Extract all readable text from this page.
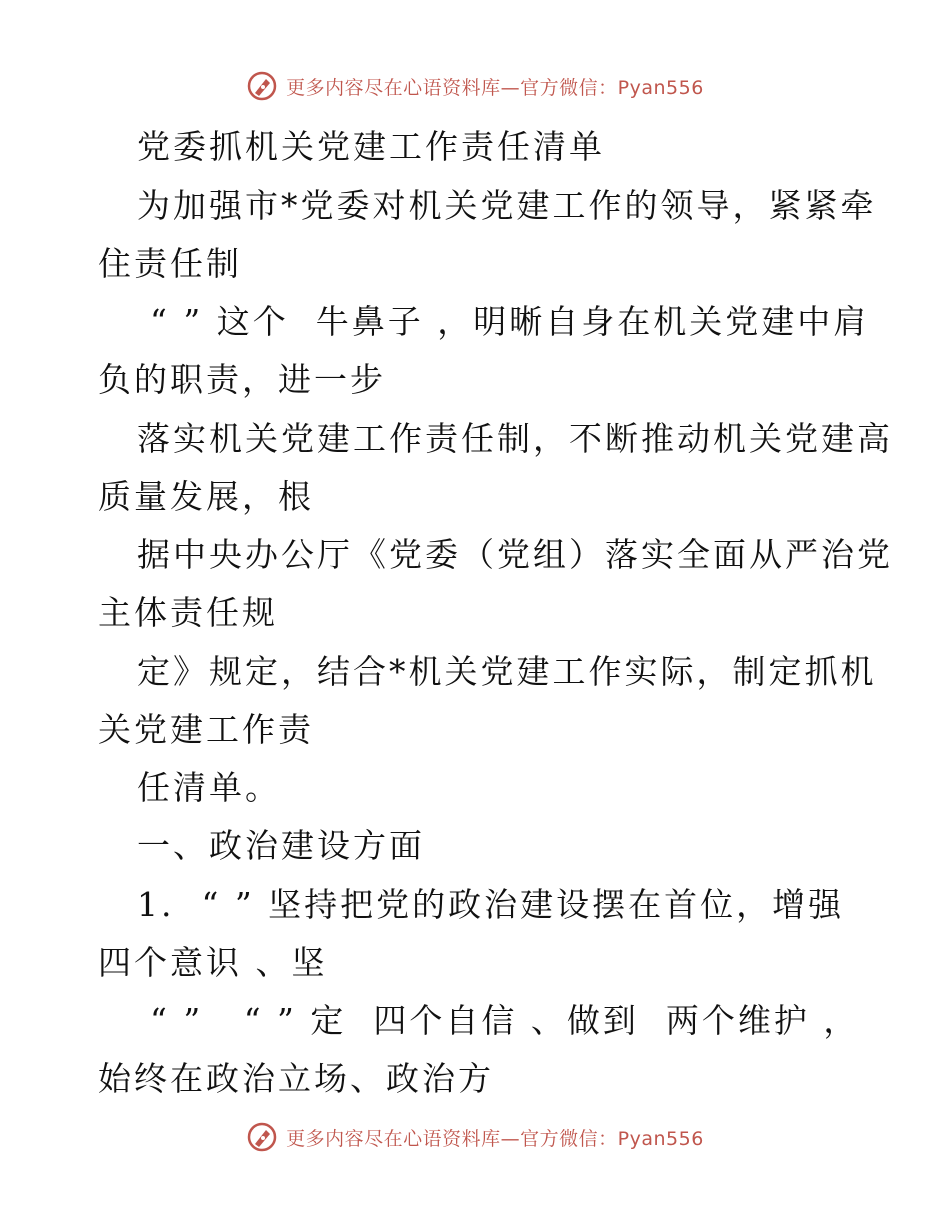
更多内容尽在心语资料库—官方微信：Pyan556
党委抓机关党建工作责任清单
为加强市*党委对机关党建工作的领导，紧紧牵
住责任制
“ ” 这个  牛鼻子 ，明晰自身在机关党建中肩
负的职责，进一步
落实机关党建工作责任制，不断推动机关党建高
质量发展，根
据中央办公厅《党委（党组）落实全面从严治党
主体责任规
定》规定，结合*机关党建工作实际，制定抓机
关党建工作责
任清单。
一、政治建设方面
1.  “ ” 坚持把党的政治建设摆在首位，增强
四个意识 、坚
“ ”   “ ” 定  四个自信 、做到  两个维护 ，
始终在政治立场、政治方
更多内容尽在心语资料库—官方微信：Pyan556
